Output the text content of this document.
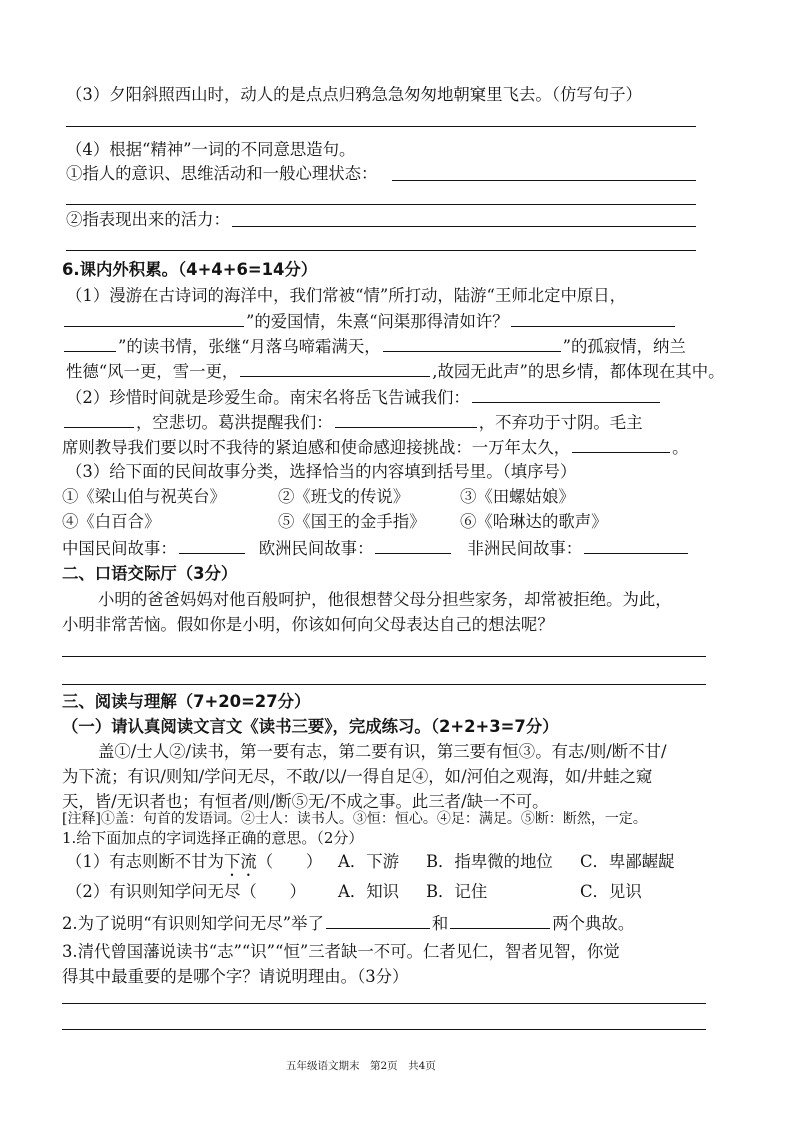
（3）夕阳斜照西山时，动人的是点点归鸦急急匆匆地朝窠里飞去。（仿写句子）
（4）根据“精神”一词的不同意思造句。
①指人的意识、思维活动和一般心理状态：
②指表现出来的活力：
6.课内外积累。（4+4+6=14分）
（1）漫游在古诗词的海洋中，我们常被“情”所打动，陆游“王师北定中原日，
”的爱国情，朱熹“问渠那得清如许？
”的读书情，张继“月落乌啼霜满天，	”的孤寂情，纳兰
性德“风一更，雪一更，	,故园无此声”的思乡情，都体现在其中。
（2）珍惜时间就是珍爱生命。南宋名将岳飞告诫我们：
，空悲切。葛洪提醒我们：	，不弃功于寸阴。毛主
席则教导我们要以时不我待的紧迫感和使命感迎接挑战：一万年太久，	。
（3）给下面的民间故事分类，选择恰当的内容填到括号里。（填序号）
①《梁山伯与祝英台》	②《班戈的传说》	③《田螺姑娘》
④《白百合》	⑤《国王的金手指》 ⑥《哈琳达的歌声》
中国民间故事：	欧洲民间故事：	非洲民间故事：
二、口语交际厅（3分）
小明的爸爸妈妈对他百般呵护，他很想替父母分担些家务，却常被拒绝。为此，
小明非常苦恼。假如你是小明，你该如何向父母表达自己的想法呢？
三、阅读与理解（7+20=27分）
（一）请认真阅读文言文《读书三要》，完成练习。（2+2+3=7分）
盖①/士人②/读书，第一要有志，第二要有识，第三要有恒③。有志/则/断不甘/
为下流；有识/则知/学问无尽，不敢/以/一得自足④，如/河伯之观海，如/井蛙之窥
天，皆/无识者也；有恒者/则/断⑤无/不成之事。此三者/缺一不可。
[注释]①盖：句首的发语词。②士人：读书人。③恒：恒心。④足：满足。⑤断：断然，一定。
1.给下面加点的字词选择正确的意思。（2分）
（1）有志则断不甘为下流（　　） A．下游 B．指卑微的地位 C．卑鄙龌龊
（2）有识则知学问无尽（　　） A．知识 B．记住	C．见识
2.为了说明“有识则知学问无尽”举了	和	两个典故。
3.清代曾国藩说读书“志”“识”“恒”三者缺一不可。仁者见仁，智者见智，你觉
得其中最重要的是哪个字？请说明理由。（3分）
五年级语文期末　第2页　共4页
